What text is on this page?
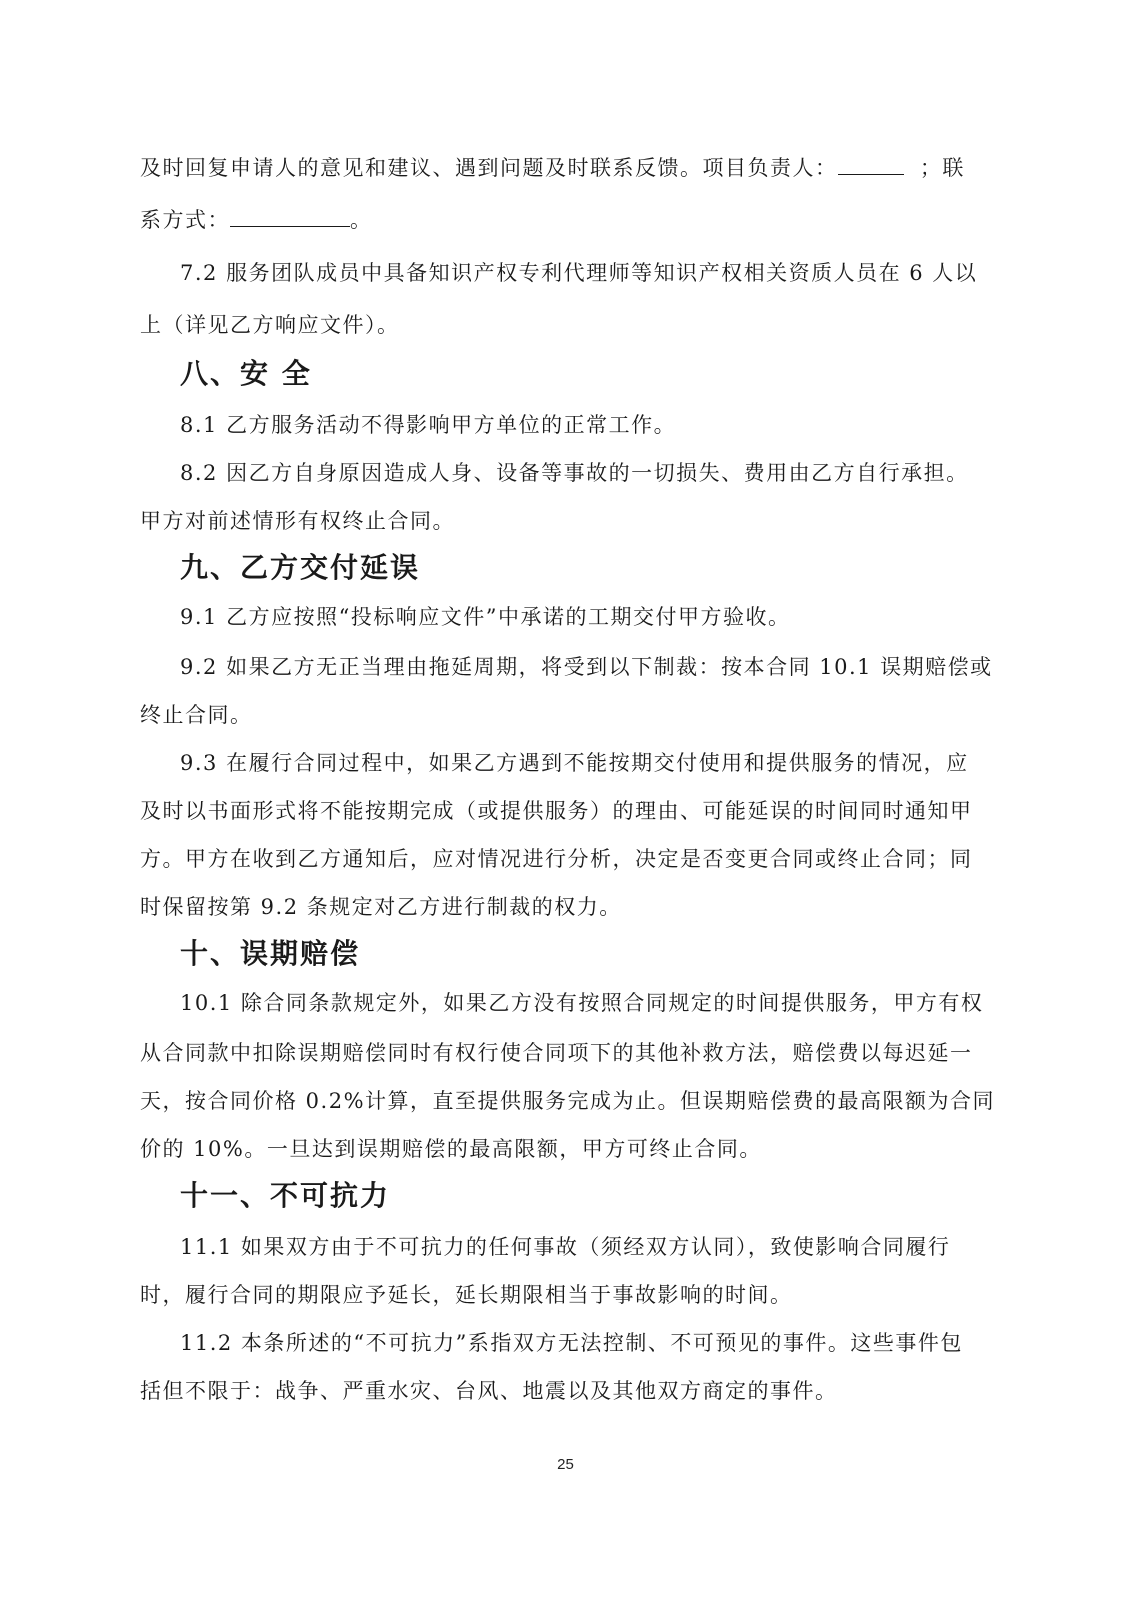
及时回复申请人的意见和建议、遇到问题及时联系反馈。项目负责人：	；联
系方式：	。
7.2 服务团队成员中具备知识产权专利代理师等知识产权相关资质人员在 6 人以
上（详见乙方响应文件）。
八、安 全
8.1 乙方服务活动不得影响甲方单位的正常工作。
8.2 因乙方自身原因造成人身、设备等事故的一切损失、费用由乙方自行承担。
甲方对前述情形有权终止合同。
九、乙方交付延误
9.1 乙方应按照“投标响应文件”中承诺的工期交付甲方验收。
9.2 如果乙方无正当理由拖延周期，将受到以下制裁：按本合同 10.1 误期赔偿或
终止合同。
9.3 在履行合同过程中，如果乙方遇到不能按期交付使用和提供服务的情况，应
及时以书面形式将不能按期完成（或提供服务）的理由、可能延误的时间同时通知甲
方。甲方在收到乙方通知后，应对情况进行分析，决定是否变更合同或终止合同；同
时保留按第 9.2 条规定对乙方进行制裁的权力。
十、误期赔偿
10.1 除合同条款规定外，如果乙方没有按照合同规定的时间提供服务，甲方有权
从合同款中扣除误期赔偿同时有权行使合同项下的其他补救方法，赔偿费以每迟延一
天，按合同价格 0.2%计算，直至提供服务完成为止。但误期赔偿费的最高限额为合同
价的 10%。一旦达到误期赔偿的最高限额，甲方可终止合同。
十一、不可抗力
11.1 如果双方由于不可抗力的任何事故（须经双方认同），致使影响合同履行
时，履行合同的期限应予延长，延长期限相当于事故影响的时间。
11.2 本条所述的“不可抗力”系指双方无法控制、不可预见的事件。这些事件包
括但不限于：战争、严重水灾、台风、地震以及其他双方商定的事件。
25
